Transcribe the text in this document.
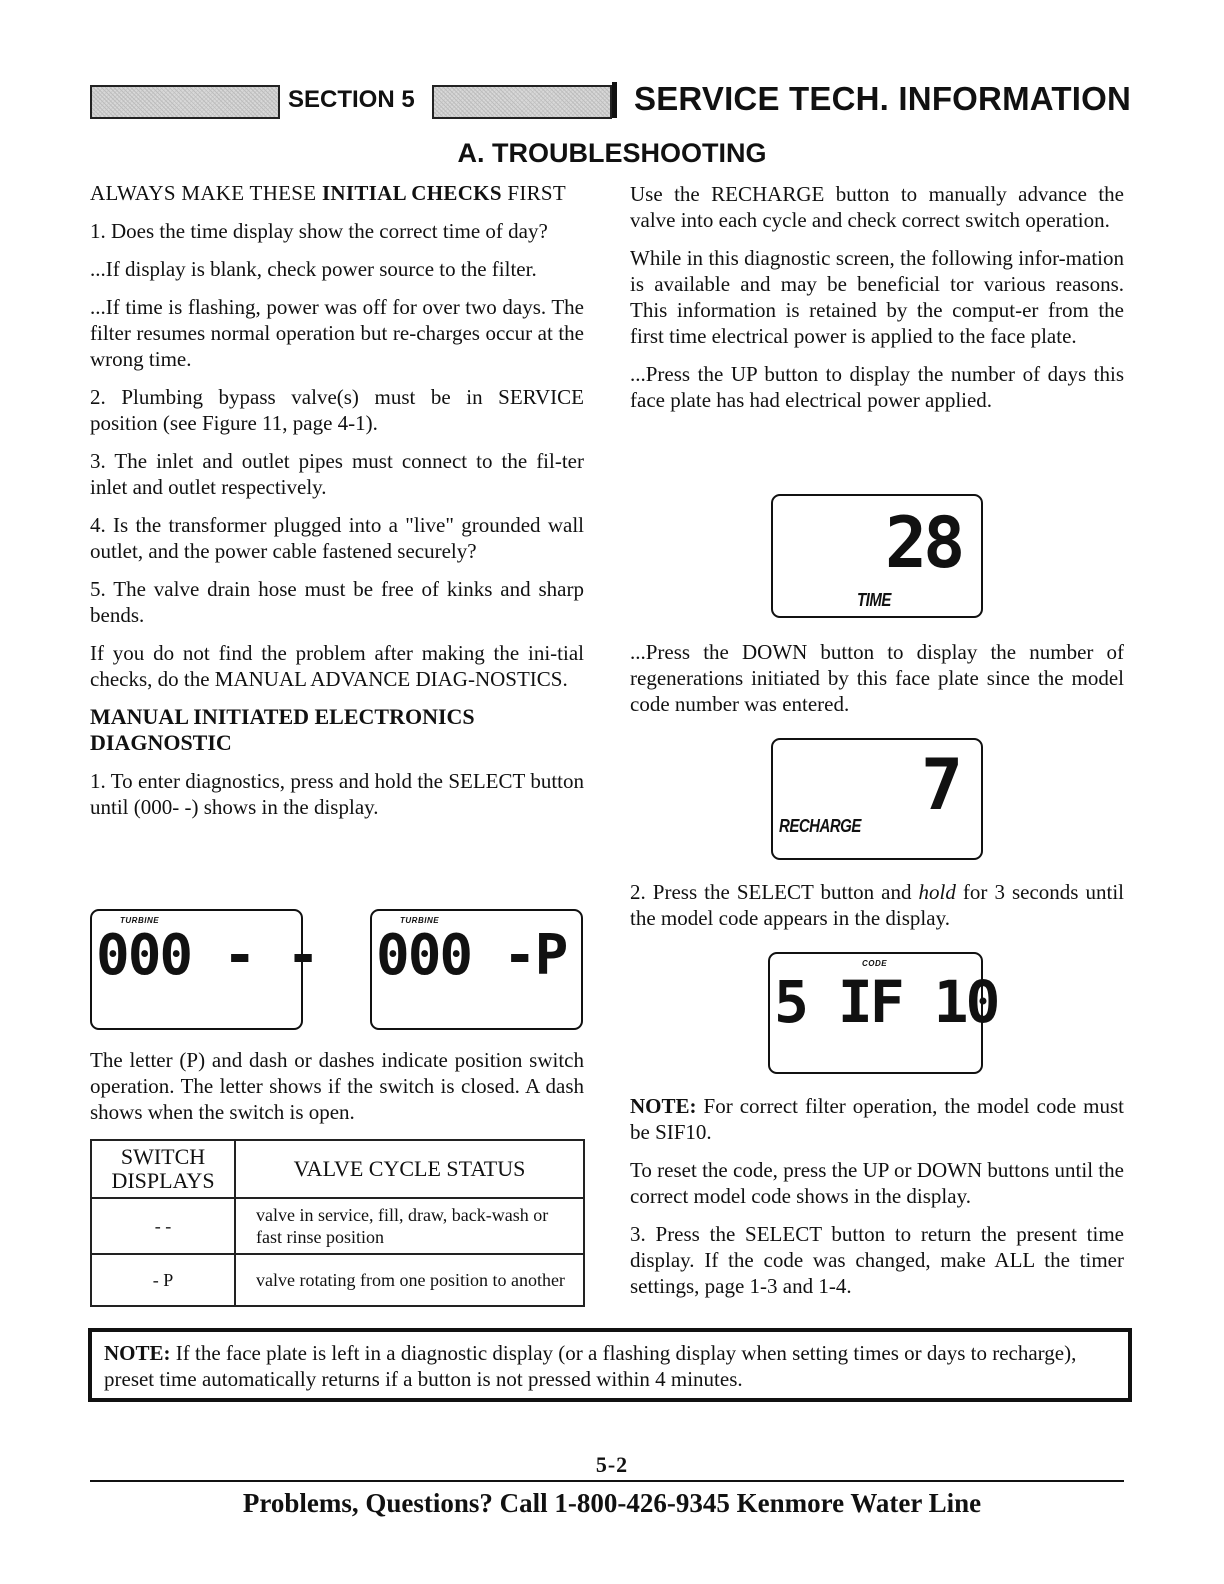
SECTION 5	SERVICE TECH. INFORMATION
A. TROUBLESHOOTING

ALWAYS MAKE THESE INITIAL CHECKS FIRST

1. Does the time display show the correct time of day?

...If display is blank, check power source to the filter.

...If time is flashing, power was off for over two days. The filter resumes normal operation but re-charges occur at the wrong time.

2. Plumbing bypass valve(s) must be in SERVICE position (see Figure 11, page 4-1).

3. The inlet and outlet pipes must connect to the fil-ter inlet and outlet respectively.

4. Is the transformer plugged into a "live" grounded wall outlet, and the power cable fastened securely?

5. The valve drain hose must be free of kinks and sharp bends.

If you do not find the problem after making the ini-tial checks, do the MANUAL ADVANCE DIAG-NOSTICS.

MANUAL INITIATED ELECTRONICS DIAGNOSTIC

1. To enter diagnostics, press and hold the SELECT button until (000- -) shows in the display.

TURBINE
000 - -
TURBINE
000 -P

The letter (P) and dash or dashes indicate position switch operation. The letter shows if the switch is closed. A dash shows when the switch is open.

SWITCH DISPLAYS	VALVE CYCLE STATUS
- -	valve in service, fill, draw, back-wash or fast rinse position
- P	valve rotating from one position to another

Use the RECHARGE button to manually advance the valve into each cycle and check correct switch operation.

While in this diagnostic screen, the following infor-mation is available and may be beneficial tor various reasons. This information is retained by the comput-er from the first time electrical power is applied to the face plate.

...Press the UP button to display the number of days this face plate has had electrical power applied.

28
TIME

...Press the DOWN button to display the number of regenerations initiated by this face plate since the model code number was entered.

7
RECHARGE

2. Press the SELECT button and hold for 3 seconds until the model code appears in the display.

CODE
5 IF 10

NOTE: For correct filter operation, the model code must be SIF10.

To reset the code, press the UP or DOWN buttons until the correct model code shows in the display.

3. Press the SELECT button to return the present time display. If the code was changed, make ALL the timer settings, page 1-3 and 1-4.

NOTE: If the face plate is left in a diagnostic display (or a flashing display when setting times or days to recharge), preset time automatically returns if a button is not pressed within 4 minutes.
5-2
Problems, Questions? Call 1-800-426-9345 Kenmore Water Line
